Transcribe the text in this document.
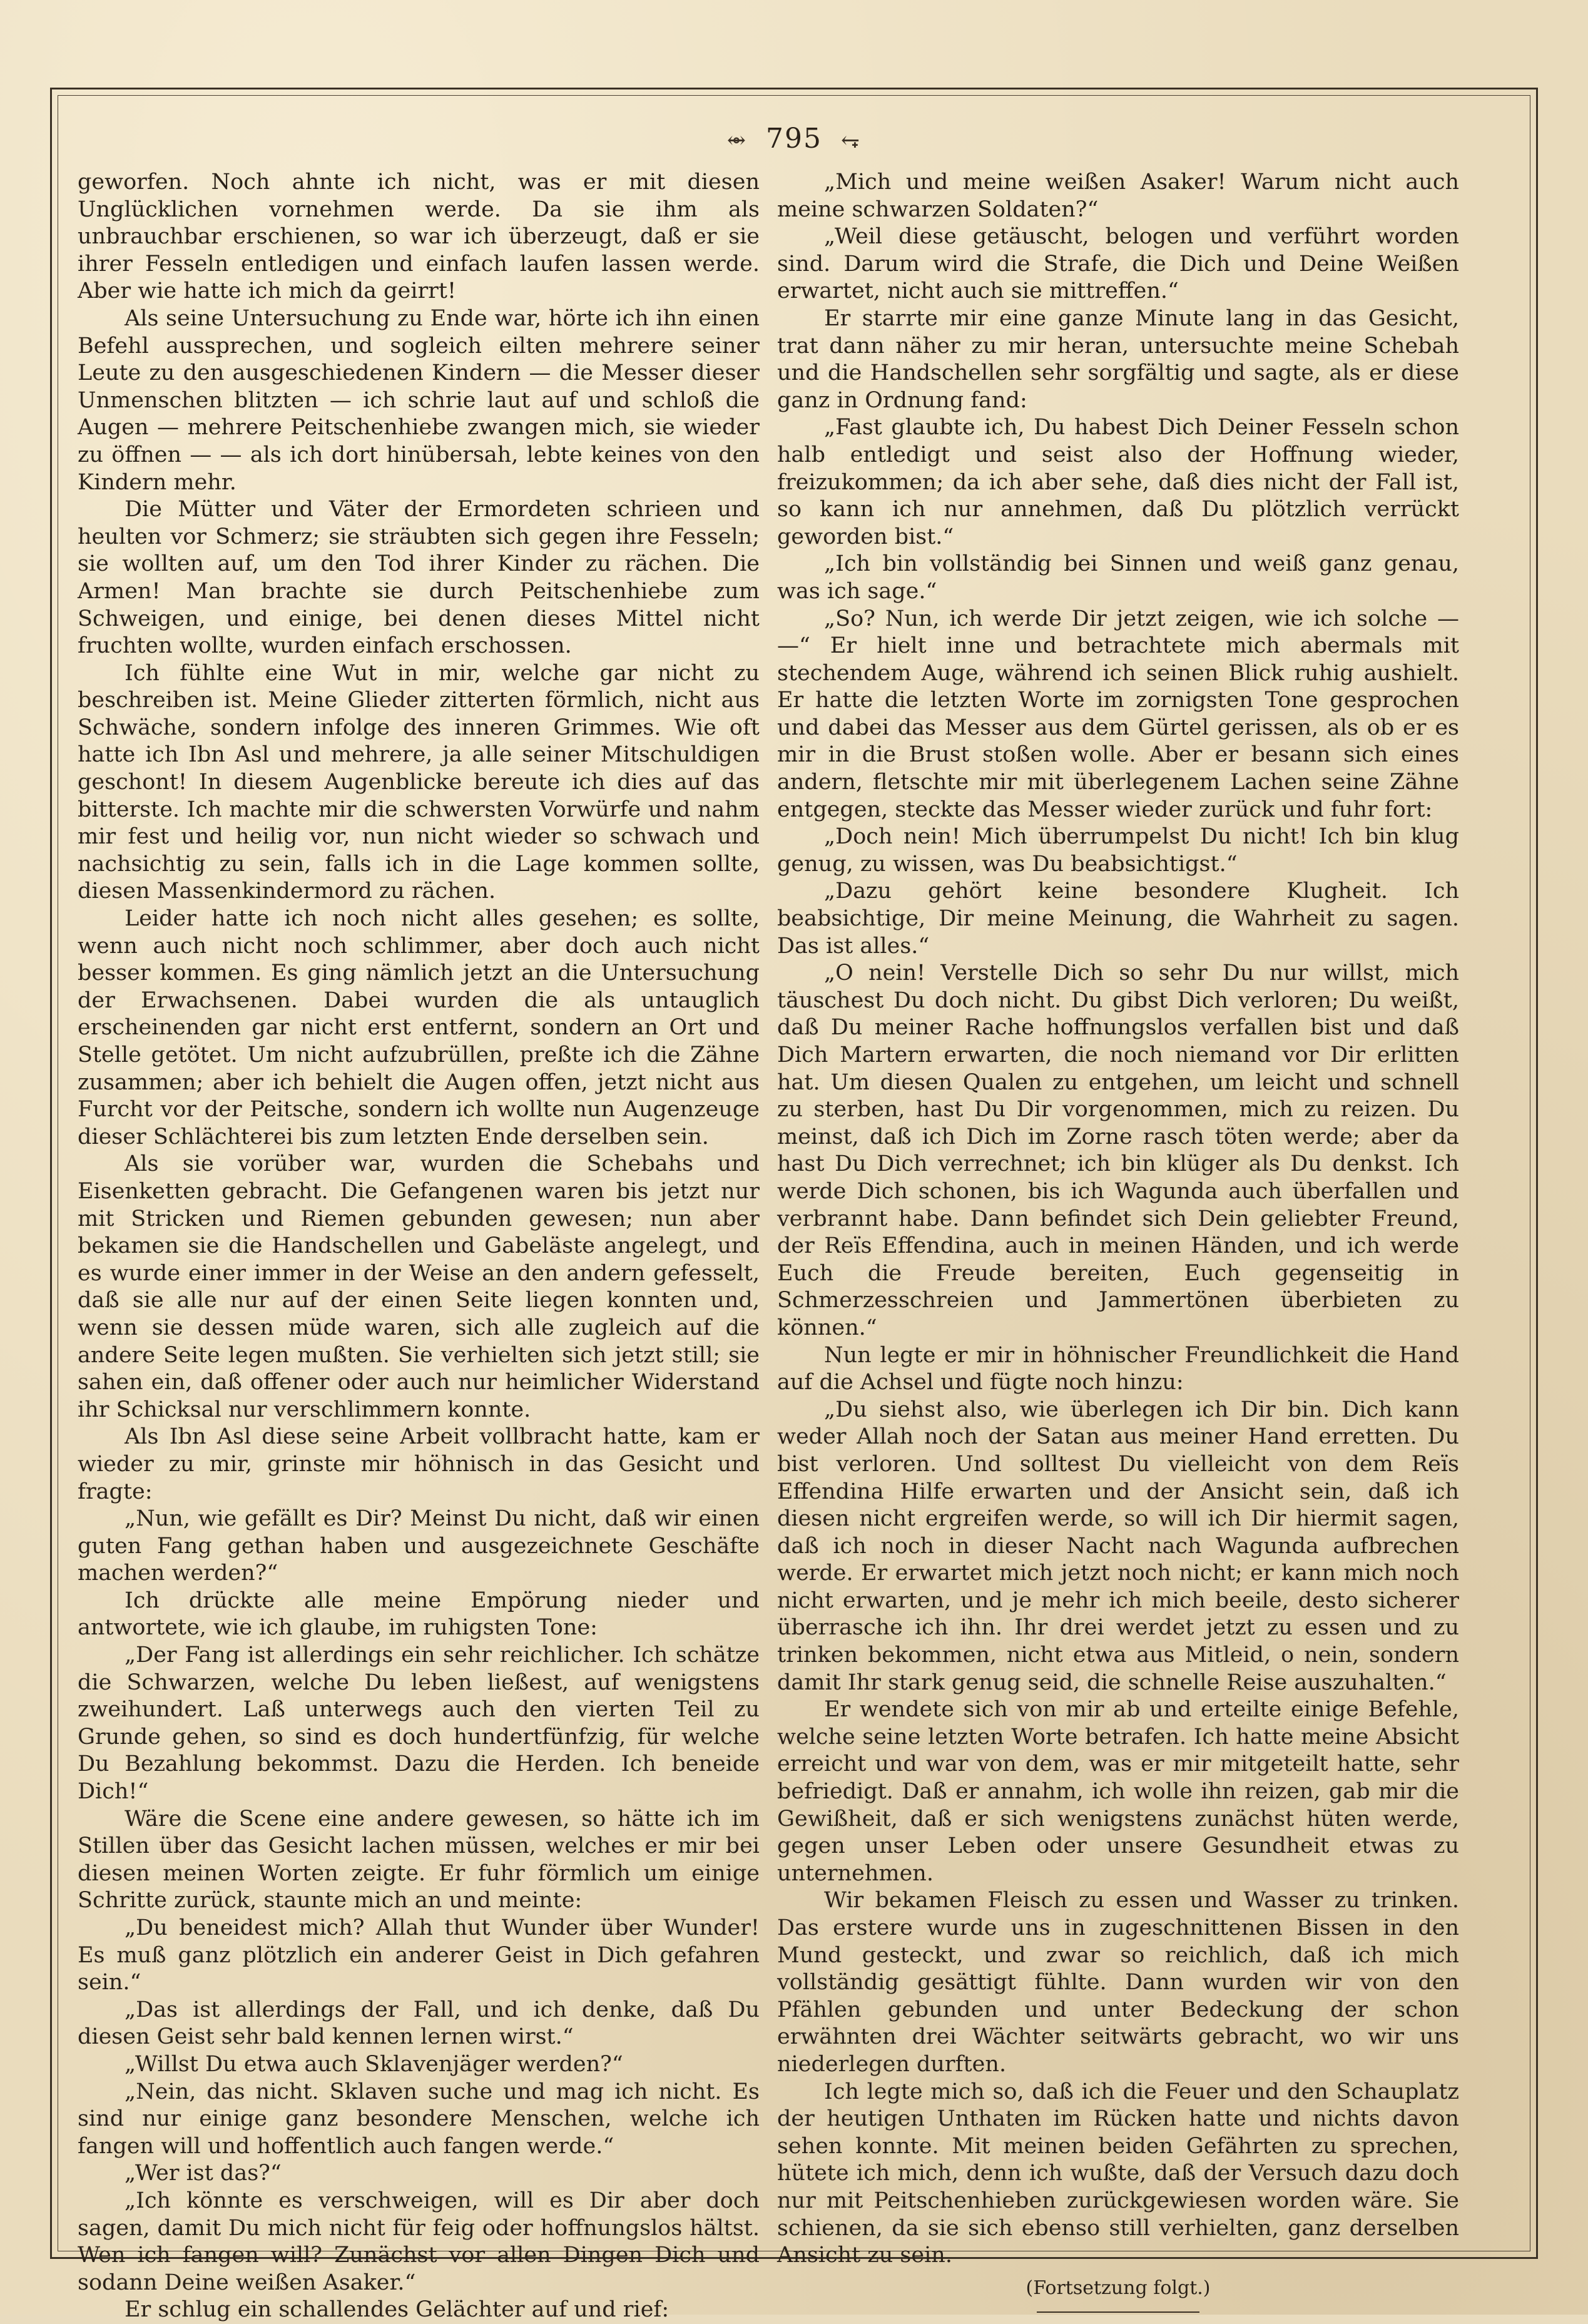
⥈ 795 ⥆

geworfen. Noch ahnte ich nicht, was er mit diesen Unglücklichen vornehmen werde. Da sie ihm als unbrauchbar erschienen, so war ich überzeugt, daß er sie ihrer Fesseln entledigen und einfach laufen lassen werde. Aber wie hatte ich mich da geirrt!

Als seine Untersuchung zu Ende war, hörte ich ihn einen Befehl aussprechen, und sogleich eilten mehrere seiner Leute zu den ausgeschiedenen Kindern — die Messer dieser Unmenschen blitzten — ich schrie laut auf und schloß die Augen — mehrere Peitschenhiebe zwangen mich, sie wieder zu öffnen — — als ich dort hinübersah, lebte keines von den Kindern mehr.

Die Mütter und Väter der Ermordeten schrieen und heulten vor Schmerz; sie sträubten sich gegen ihre Fesseln; sie wollten auf, um den Tod ihrer Kinder zu rächen. Die Armen! Man brachte sie durch Peitschenhiebe zum Schweigen, und einige, bei denen dieses Mittel nicht fruchten wollte, wurden einfach erschossen.

Ich fühlte eine Wut in mir, welche gar nicht zu beschreiben ist. Meine Glieder zitterten förmlich, nicht aus Schwäche, sondern infolge des inneren Grimmes. Wie oft hatte ich Ibn Asl und mehrere, ja alle seiner Mitschuldigen geschont! In diesem Augenblicke bereute ich dies auf das bitterste. Ich machte mir die schwersten Vorwürfe und nahm mir fest und heilig vor, nun nicht wieder so schwach und nachsichtig zu sein, falls ich in die Lage kommen sollte, diesen Massenkindermord zu rächen.

Leider hatte ich noch nicht alles gesehen; es sollte, wenn auch nicht noch schlimmer, aber doch auch nicht besser kommen. Es ging nämlich jetzt an die Untersuchung der Erwachsenen. Dabei wurden die als untauglich erscheinenden gar nicht erst entfernt, sondern an Ort und Stelle getötet. Um nicht aufzubrüllen, preßte ich die Zähne zusammen; aber ich behielt die Augen offen, jetzt nicht aus Furcht vor der Peitsche, sondern ich wollte nun Augenzeuge dieser Schlächterei bis zum letzten Ende derselben sein.

Als sie vorüber war, wurden die Schebahs und Eisenketten gebracht. Die Gefangenen waren bis jetzt nur mit Stricken und Riemen gebunden gewesen; nun aber bekamen sie die Handschellen und Gabeläste angelegt, und es wurde einer immer in der Weise an den andern gefesselt, daß sie alle nur auf der einen Seite liegen konnten und, wenn sie dessen müde waren, sich alle zugleich auf die andere Seite legen mußten. Sie verhielten sich jetzt still; sie sahen ein, daß offener oder auch nur heimlicher Widerstand ihr Schicksal nur verschlimmern konnte.

Als Ibn Asl diese seine Arbeit vollbracht hatte, kam er wieder zu mir, grinste mir höhnisch in das Gesicht und fragte:

„Nun, wie gefällt es Dir? Meinst Du nicht, daß wir einen guten Fang gethan haben und ausgezeichnete Geschäfte machen werden?“

Ich drückte alle meine Empörung nieder und antwortete, wie ich glaube, im ruhigsten Tone:

„Der Fang ist allerdings ein sehr reichlicher. Ich schätze die Schwarzen, welche Du leben ließest, auf wenigstens zweihundert. Laß unterwegs auch den vierten Teil zu Grunde gehen, so sind es doch hundertfünfzig, für welche Du Bezahlung bekommst. Dazu die Herden. Ich beneide Dich!“

Wäre die Scene eine andere gewesen, so hätte ich im Stillen über das Gesicht lachen müssen, welches er mir bei diesen meinen Worten zeigte. Er fuhr förmlich um einige Schritte zurück, staunte mich an und meinte:

„Du beneidest mich? Allah thut Wunder über Wunder! Es muß ganz plötzlich ein anderer Geist in Dich gefahren sein.“

„Das ist allerdings der Fall, und ich denke, daß Du diesen Geist sehr bald kennen lernen wirst.“

„Willst Du etwa auch Sklavenjäger werden?“

„Nein, das nicht. Sklaven suche und mag ich nicht. Es sind nur einige ganz besondere Menschen, welche ich fangen will und hoffentlich auch fangen werde.“

„Wer ist das?“

„Ich könnte es verschweigen, will es Dir aber doch sagen, damit Du mich nicht für feig oder hoffnungslos hältst. Wen ich fangen will? Zunächst vor allen Dingen Dich und sodann Deine weißen Asaker.“

Er schlug ein schallendes Gelächter auf und rief:

„Mich und meine weißen Asaker! Warum nicht auch meine schwarzen Soldaten?“

„Weil diese getäuscht, belogen und verführt worden sind. Darum wird die Strafe, die Dich und Deine Weißen erwartet, nicht auch sie mittreffen.“

Er starrte mir eine ganze Minute lang in das Gesicht, trat dann näher zu mir heran, untersuchte meine Schebah und die Handschellen sehr sorgfältig und sagte, als er diese ganz in Ordnung fand:

„Fast glaubte ich, Du habest Dich Deiner Fesseln schon halb entledigt und seist also der Hoffnung wieder, freizukommen; da ich aber sehe, daß dies nicht der Fall ist, so kann ich nur annehmen, daß Du plötzlich verrückt geworden bist.“

„Ich bin vollständig bei Sinnen und weiß ganz genau, was ich sage.“

„So? Nun, ich werde Dir jetzt zeigen, wie ich solche — —“ Er hielt inne und betrachtete mich abermals mit stechendem Auge, während ich seinen Blick ruhig aushielt. Er hatte die letzten Worte im zornigsten Tone gesprochen und dabei das Messer aus dem Gürtel gerissen, als ob er es mir in die Brust stoßen wolle. Aber er besann sich eines andern, fletschte mir mit überlegenem Lachen seine Zähne entgegen, steckte das Messer wieder zurück und fuhr fort:

„Doch nein! Mich überrumpelst Du nicht! Ich bin klug genug, zu wissen, was Du beabsichtigst.“

„Dazu gehört keine besondere Klugheit. Ich beabsichtige, Dir meine Meinung, die Wahrheit zu sagen. Das ist alles.“

„O nein! Verstelle Dich so sehr Du nur willst, mich täuschest Du doch nicht. Du gibst Dich verloren; Du weißt, daß Du meiner Rache hoffnungslos verfallen bist und daß Dich Martern erwarten, die noch niemand vor Dir erlitten hat. Um diesen Qualen zu entgehen, um leicht und schnell zu sterben, hast Du Dir vorgenommen, mich zu reizen. Du meinst, daß ich Dich im Zorne rasch töten werde; aber da hast Du Dich verrechnet; ich bin klüger als Du denkst. Ich werde Dich schonen, bis ich Wagunda auch überfallen und verbrannt habe. Dann befindet sich Dein geliebter Freund, der Reïs Effendina, auch in meinen Händen, und ich werde Euch die Freude bereiten, Euch gegenseitig in Schmerzesschreien und Jammertönen überbieten zu können.“

Nun legte er mir in höhnischer Freundlichkeit die Hand auf die Achsel und fügte noch hinzu:

„Du siehst also, wie überlegen ich Dir bin. Dich kann weder Allah noch der Satan aus meiner Hand erretten. Du bist verloren. Und solltest Du vielleicht von dem Reïs Effendina Hilfe erwarten und der Ansicht sein, daß ich diesen nicht ergreifen werde, so will ich Dir hiermit sagen, daß ich noch in dieser Nacht nach Wagunda aufbrechen werde. Er erwartet mich jetzt noch nicht; er kann mich noch nicht erwarten, und je mehr ich mich beeile, desto sicherer überrasche ich ihn. Ihr drei werdet jetzt zu essen und zu trinken bekommen, nicht etwa aus Mitleid, o nein, sondern damit Ihr stark genug seid, die schnelle Reise auszuhalten.“

Er wendete sich von mir ab und erteilte einige Befehle, welche seine letzten Worte betrafen. Ich hatte meine Absicht erreicht und war von dem, was er mir mitgeteilt hatte, sehr befriedigt. Daß er annahm, ich wolle ihn reizen, gab mir die Gewißheit, daß er sich wenigstens zunächst hüten werde, gegen unser Leben oder unsere Gesundheit etwas zu unternehmen.

Wir bekamen Fleisch zu essen und Wasser zu trinken. Das erstere wurde uns in zugeschnittenen Bissen in den Mund gesteckt, und zwar so reichlich, daß ich mich vollständig gesättigt fühlte. Dann wurden wir von den Pfählen gebunden und unter Bedeckung der schon erwähnten drei Wächter seitwärts gebracht, wo wir uns niederlegen durften.

Ich legte mich so, daß ich die Feuer und den Schauplatz der heutigen Unthaten im Rücken hatte und nichts davon sehen konnte. Mit meinen beiden Gefährten zu sprechen, hütete ich mich, denn ich wußte, daß der Versuch dazu doch nur mit Peitschenhieben zurückgewiesen worden wäre. Sie schienen, da sie sich ebenso still verhielten, ganz derselben Ansicht zu sein.

(Fortsetzung folgt.)
